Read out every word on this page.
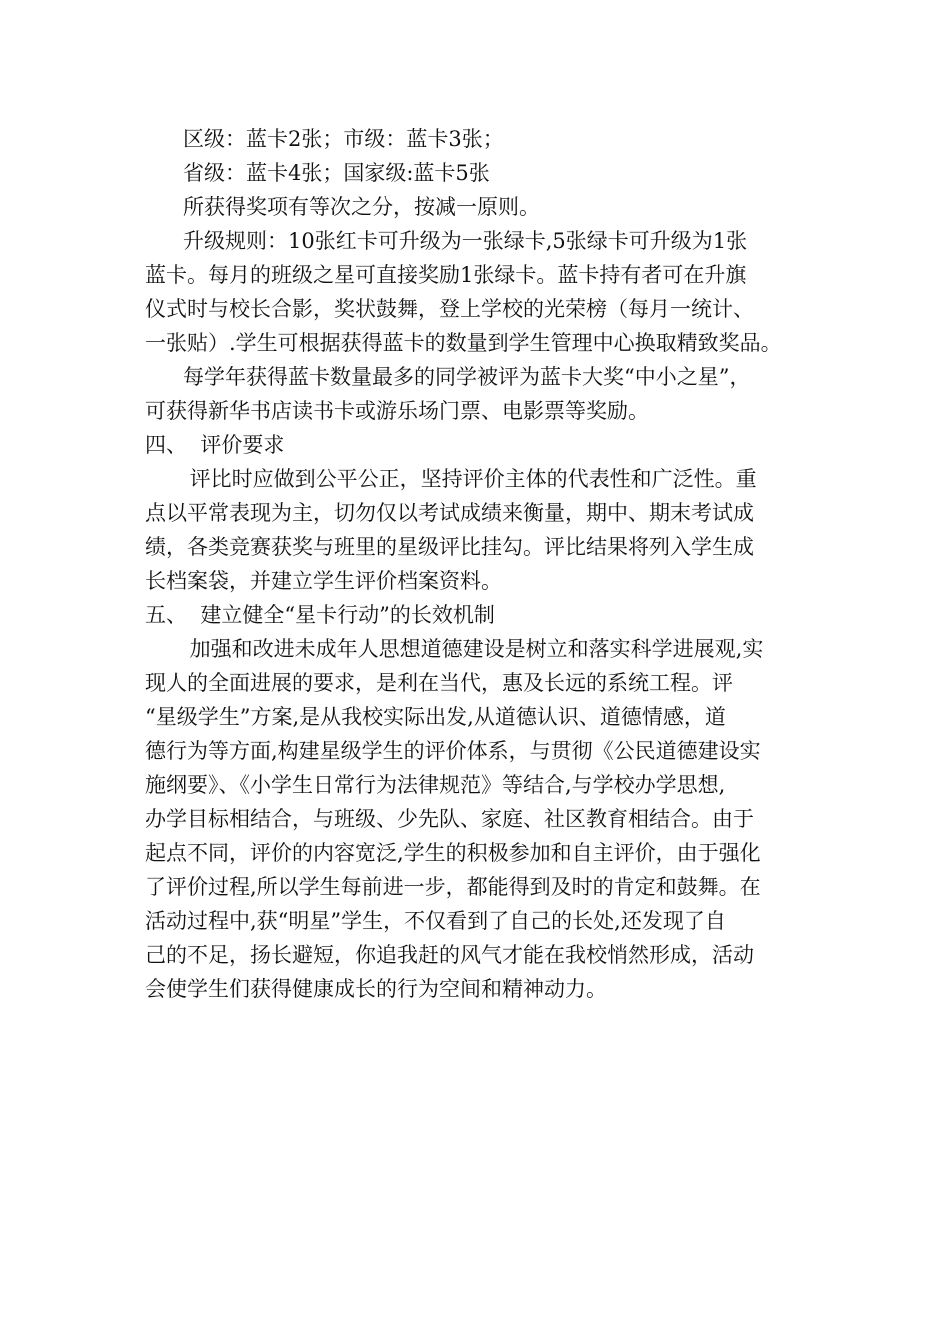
区级：蓝卡2张；市级：蓝卡3张；
省级：蓝卡4张；国家级:蓝卡5张
所获得奖项有等次之分，按减一原则。
升级规则：10张红卡可升级为一张绿卡,5张绿卡可升级为1张
蓝卡。每月的班级之星可直接奖励1张绿卡。蓝卡持有者可在升旗
仪式时与校长合影，奖状鼓舞，登上学校的光荣榜（每月一统计、
一张贴）.学生可根据获得蓝卡的数量到学生管理中心换取精致奖品。
每学年获得蓝卡数量最多的同学被评为蓝卡大奖“中小之星”，
可获得新华书店读书卡或游乐场门票、电影票等奖励。
四、  评价要求
评比时应做到公平公正，坚持评价主体的代表性和广泛性。重
点以平常表现为主，切勿仅以考试成绩来衡量，期中、期末考试成
绩，各类竞赛获奖与班里的星级评比挂勾。评比结果将列入学生成
长档案袋，并建立学生评价档案资料。
五、  建立健全“星卡行动”的长效机制
加强和改进未成年人思想道德建设是树立和落实科学进展观,实
现人的全面进展的要求，是利在当代，惠及长远的系统工程。评
“星级学生”方案,是从我校实际出发,从道德认识、道德情感，道
德行为等方面,构建星级学生的评价体系，与贯彻《公民道德建设实
施纲要》、《小学生日常行为法律规范》等结合,与学校办学思想,
办学目标相结合，与班级、少先队、家庭、社区教育相结合。由于
起点不同，评价的内容宽泛,学生的积极参加和自主评价，由于强化
了评价过程,所以学生每前进一步，都能得到及时的肯定和鼓舞。在
活动过程中,获“明星”学生，不仅看到了自己的长处,还发现了自
己的不足，扬长避短，你追我赶的风气才能在我校悄然形成，活动
会使学生们获得健康成长的行为空间和精神动力。
